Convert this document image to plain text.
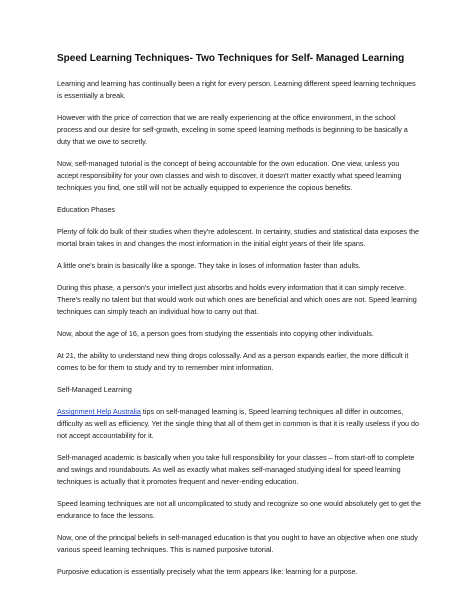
Speed Learning Techniques- Two Techniques for Self- Managed Learning

Learning and learning has continually been a right for every person. Learning different speed learning techniques is essentially a break.

However with the price of correction that we are really experiencing at the office environment, in the school process and our desire for self-growth, exceling in some speed learning methods is beginning to be basically a duty that we owe to secretly.

Now, self-managed tutorial is the concept of being accountable for the own education. One view, unless you accept responsibility for your own classes and wish to discover, it doesn't matter exactly what speed learning techniques you find, one still will not be actually equipped to experience the copious benefits.

Education Phases

Plenty of folk do bulk of their studies when they're adolescent. In certainty, studies and statistical data exposes the mortal brain takes in and changes the most information in the initial eight years of their life spans.

A little one's brain is basically like a sponge. They take in loses of information faster than adults.

During this phase, a person's your intellect just absorbs and holds every information that it can simply receive. There's really no talent but that would work out which ones are beneficial and which ones are not. Speed learning techniques can simply teach an individual how to carry out that.

Now, about the age of 16, a person goes from studying the essentials into copying other individuals.

At 21, the ability to understand new thing drops colossally. And as a person expands earlier, the more difficult it comes to be for them to study and try to remember mint information.

Self-Managed Learning

Assignment Help Australia tips on self-managed learning is, Speed learning techniques all differ in outcomes, difficulty as well as efficiency. Yet the single thing that all of them get in common is that it is really useless if you do not accept accountability for it.

Self-managed academic is basically when you take full responsibility for your classes – from start-off to complete and swings and roundabouts. As well as exactly what makes self-managed studying ideal for speed learning techniques is actually that it promotes frequent and never-ending education.

Speed learning techniques are not all uncomplicated to study and recognize so one would absolutely get to get the endurance to face the lessons.

Now, one of the principal beliefs in self-managed education is that you ought to have an objective when one study various speed learning techniques. This is named purposive tutorial.

Purposive education is essentially precisely what the term appears like: learning for a purpose.
